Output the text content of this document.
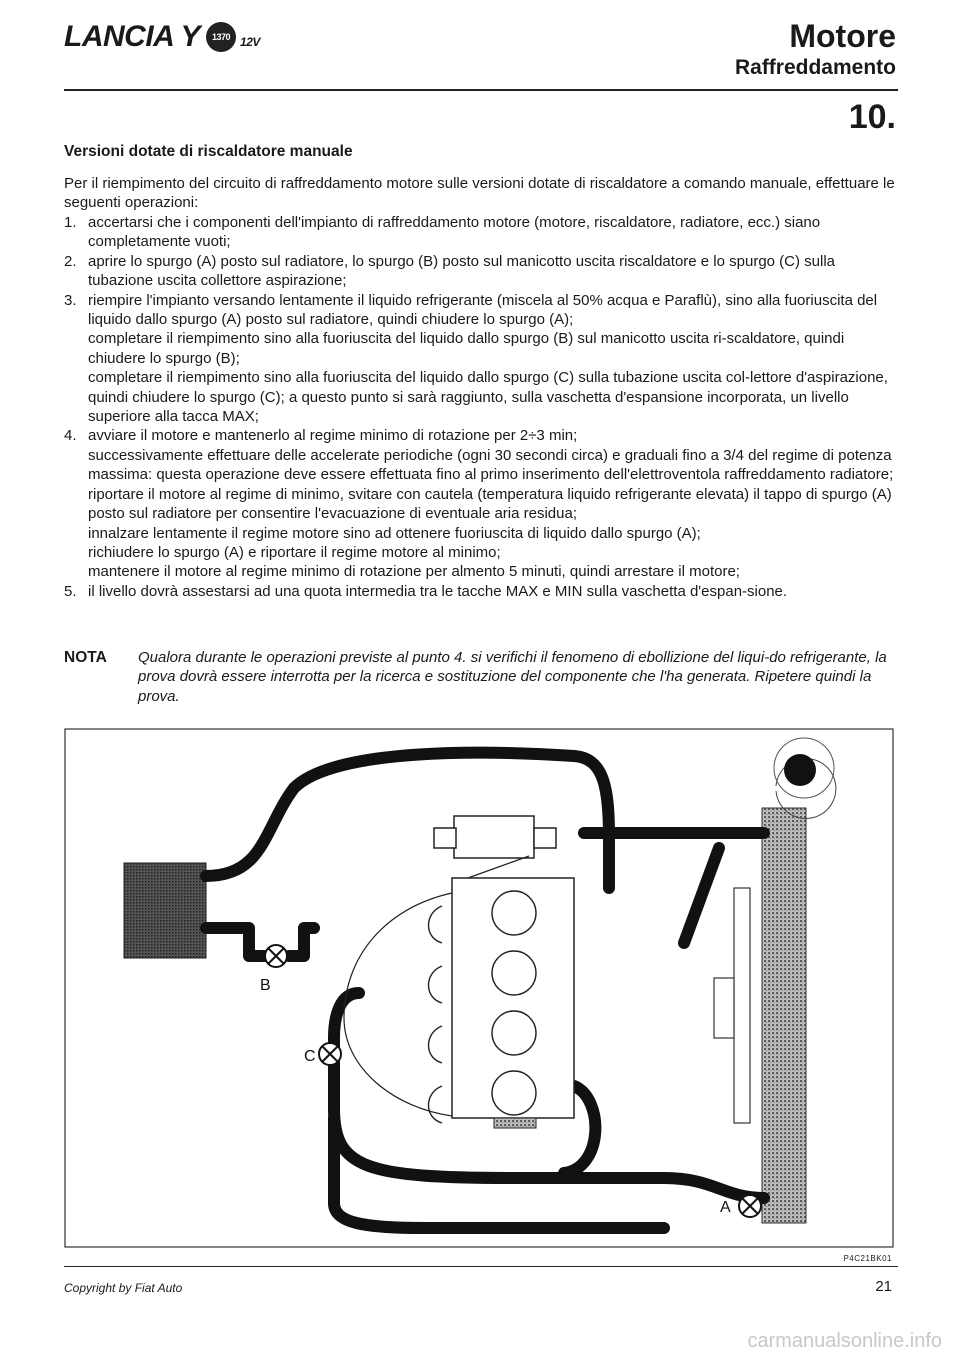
LANCIA Y	1370 12V	Motore
Raffreddamento
10.
Versioni dotate di riscaldatore manuale

Per il riempimento del circuito di raffreddamento motore sulle versioni dotate di riscaldatore a comando manuale, effettuare le seguenti operazioni:

1. accertarsi che i componenti dell'impianto di raffreddamento motore (motore, riscaldatore, radiatore, ecc.) siano completamente vuoti;
2. aprire lo spurgo (A) posto sul radiatore, lo spurgo (B) posto sul manicotto uscita riscaldatore e lo spurgo (C) sulla tubazione uscita collettore aspirazione;
3. riempire l'impianto versando lentamente il liquido refrigerante (miscela al 50% acqua e Paraflù), sino alla fuoriuscita del liquido dallo spurgo (A) posto sul radiatore, quindi chiudere lo spurgo (A);
completare il riempimento sino alla fuoriuscita del liquido dallo spurgo (B) sul manicotto uscita ri-scaldatore, quindi chiudere lo spurgo (B);
completare il riempimento sino alla fuoriuscita del liquido dallo spurgo (C) sulla tubazione uscita col-lettore d'aspirazione, quindi chiudere lo spurgo (C); a questo punto si sarà raggiunto, sulla vaschetta d'espansione incorporata, un livello superiore alla tacca MAX;
4. avviare il motore e mantenerlo al regime minimo di rotazione per 2÷3 min;
successivamente effettuare delle accelerate periodiche (ogni 30 secondi circa) e graduali fino a 3/4 del regime di potenza massima: questa operazione deve essere effettuata fino al primo inserimento dell'elettroventola raffreddamento radiatore;
riportare il motore al regime di minimo, svitare con cautela (temperatura liquido refrigerante elevata) il tappo di spurgo (A) posto sul radiatore per consentire l'evacuazione di eventuale aria residua;
innalzare lentamente il regime motore sino ad ottenere fuoriuscita di liquido dallo spurgo (A);
richiudere lo spurgo (A) e riportare il regime motore al minimo;
mantenere il motore al regime minimo di rotazione per almento 5 minuti, quindi arrestare il motore;
5. il livello dovrà assestarsi ad una quota intermedia tra le tacche MAX e MIN sulla vaschetta d'espan-sione.
NOTA Qualora durante le operazioni previste al punto 4. si verifichi il fenomeno di ebollizione del liqui-do refrigerante, la prova dovrà essere interrotta per la ricerca e sostituzione del componente che l'ha generata. Ripetere quindi la prova.
B
C
A
P4C21BK01
Copyright by Fiat Auto	21
carmanualsonline.info
